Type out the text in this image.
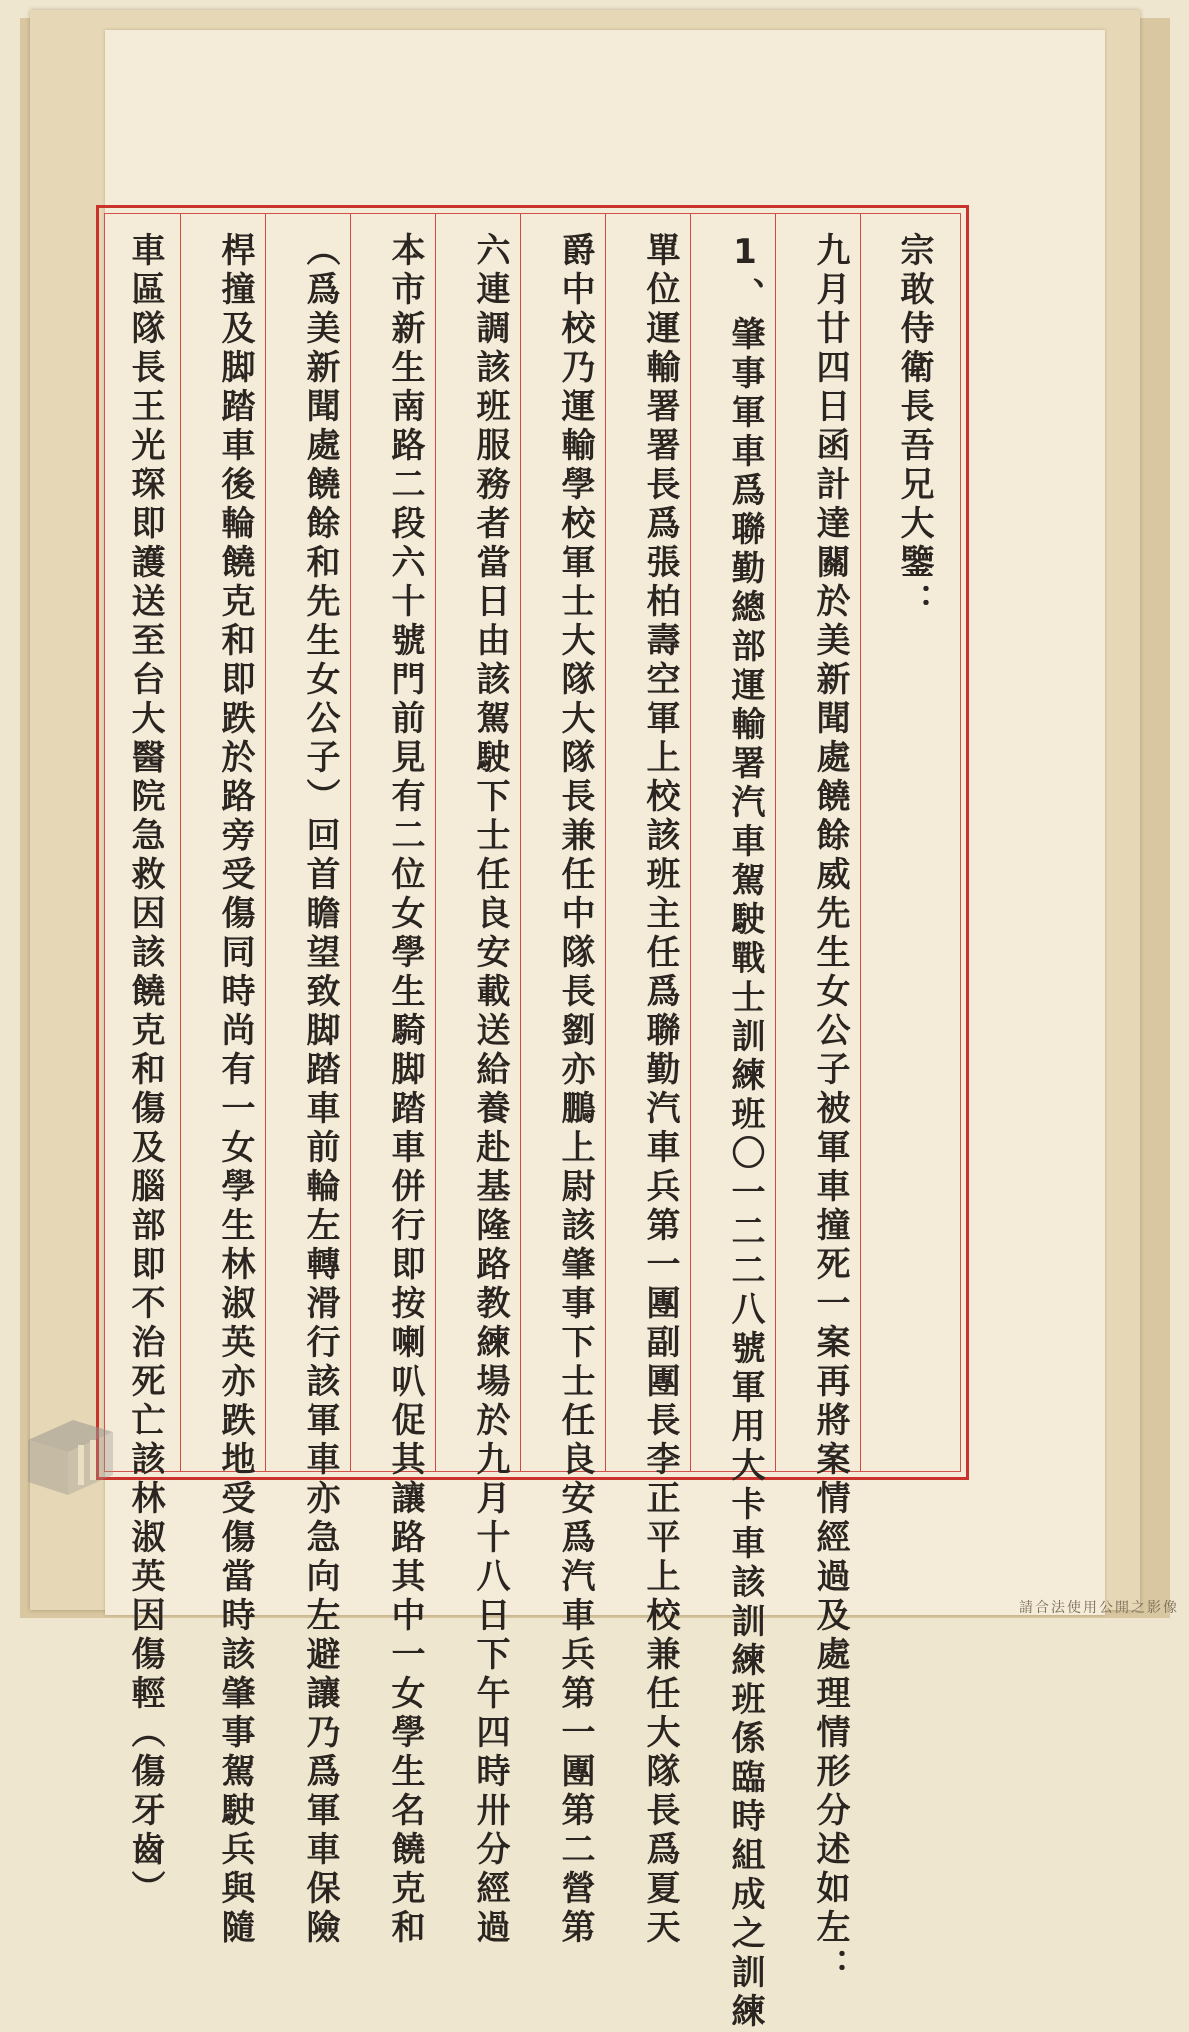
宗敢侍衛長吾兄大鑒：
九月廿四日函計達關於美新聞處饒餘威先生女公子被軍車撞死一案再將案情經過及處理情形分述如左：
1、肇事軍車爲聯勤總部運輸署汽車駕駛戰士訓練班〇一二二八號軍用大卡車該訓練班係臨時組成之訓練
單位運輸署署長爲張柏壽空軍上校該班主任爲聯勤汽車兵第一團副團長李正平上校兼任大隊長爲夏天
爵中校乃運輸學校軍士大隊大隊長兼任中隊長劉亦鵬上尉該肇事下士任良安爲汽車兵第一團第二營第
六連調該班服務者當日由該駕駛下士任良安載送給養赴基隆路教練場於九月十八日下午四時卅分經過
本市新生南路二段六十號門前見有二位女學生騎脚踏車併行即按喇叭促其讓路其中一女學生名饒克和
（爲美新聞處饒餘和先生女公子）回首瞻望致脚踏車前輪左轉滑行該軍車亦急向左避讓乃爲軍車保險
桿撞及脚踏車後輪饒克和即跌於路旁受傷同時尚有一女學生林淑英亦跌地受傷當時該肇事駕駛兵與隨
車區隊長王光琛即護送至台大醫院急救因該饒克和傷及腦部即不治死亡該林淑英因傷輕（傷牙齒）	請合法使用公開之影像
